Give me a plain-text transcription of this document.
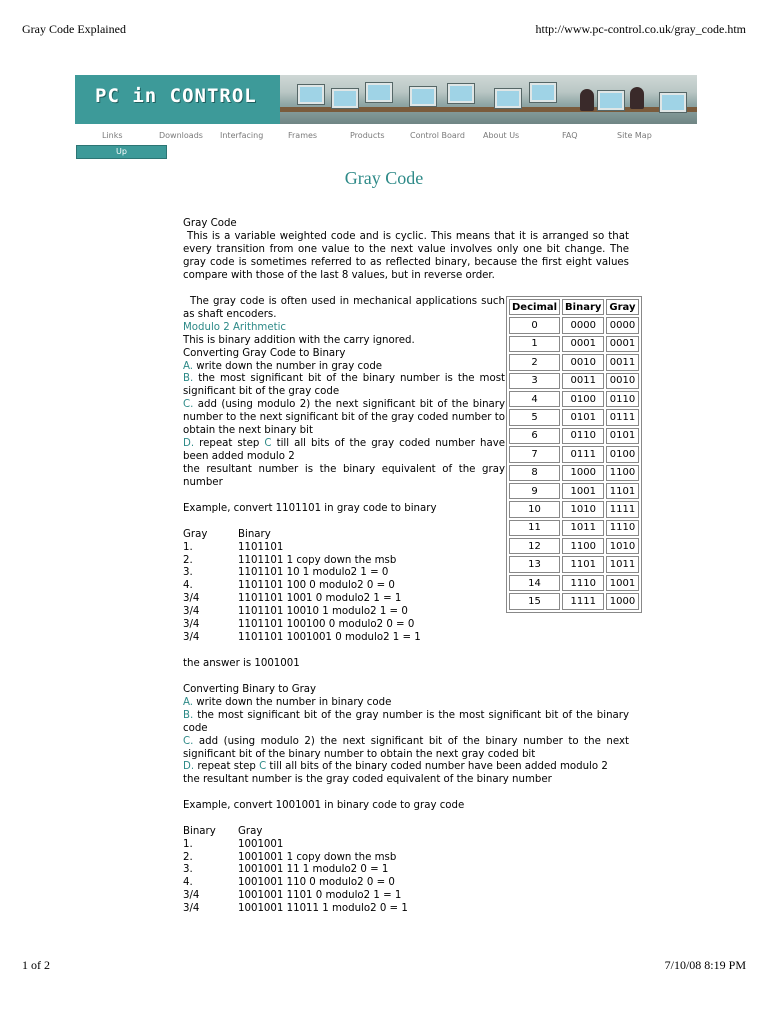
Gray Code Explained	http://www.pc-control.co.uk/gray_code.htm
PC in CONTROL
Links	Downloads Interfacing	Frames	Products	Control Board About Us	FAQ	Site Map
Up
Gray Code

Gray Code

This is a variable weighted code and is cyclic. This means that it is arranged so that every transition from one value to the next value involves only one bit change. The gray code is sometimes referred to as reflected binary, because the first eight values compare with those of the last 8 values, but in reverse order.

The gray code is often used in mechanical applications such as shaft encoders.

Modulo 2 Arithmetic

This is binary addition with the carry ignored.

Converting Gray Code to Binary

A. write down the number in gray code

B. the most significant bit of the binary number is the most significant bit of the gray code

C. add (using modulo 2) the next significant bit of the binary number to the next significant bit of the gray coded number to obtain the next binary bit

D. repeat step C till all bits of the gray coded number have been added modulo 2

the resultant number is the binary equivalent of the gray number

Decimal	Binary	Gray
0	0000	0000
1	0001	0001
2	0010	0011
3	0011	0010
4	0100	0110
5	0101	0111
6	0110	0101
7	0111	0100
8	1000	1100
9	1001	1101
10	1010	1111
11	1011	1110
12	1100	1010
13	1101	1011
14	1110	1001
15	1111	1000

Example, convert 1101101 in gray code to binary

Gray	Binary
1.	1101101
2.	1101101 1 copy down the msb
3.	1101101 10 1 modulo2 1 = 0
4.	1101101 100 0 modulo2 0 = 0
3/4	1101101 1001 0 modulo2 1 = 1
3/4	1101101 10010 1 modulo2 1 = 0
3/4	1101101 100100 0 modulo2 0 = 0
3/4	1101101 1001001 0 modulo2 1 = 1

the answer is 1001001

Converting Binary to Gray

A. write down the number in binary code

B. the most significant bit of the gray number is the most significant bit of the binary code

C. add (using modulo 2) the next significant bit of the binary number to the next significant bit of the binary number to obtain the next gray coded bit

D. repeat step C till all bits of the binary coded number have been added modulo 2

the resultant number is the gray coded equivalent of the binary number

Example, convert 1001001 in binary code to gray code

Binary Gray
1.	1001001
2.	1001001 1 copy down the msb
3.	1001001 11 1 modulo2 0 = 1
4.	1001001 110 0 modulo2 0 = 0
3/4	1001001 1101 0 modulo2 1 = 1
3/4	1001001 11011 1 modulo2 0 = 1
1 of 2	7/10/08 8:19 PM
